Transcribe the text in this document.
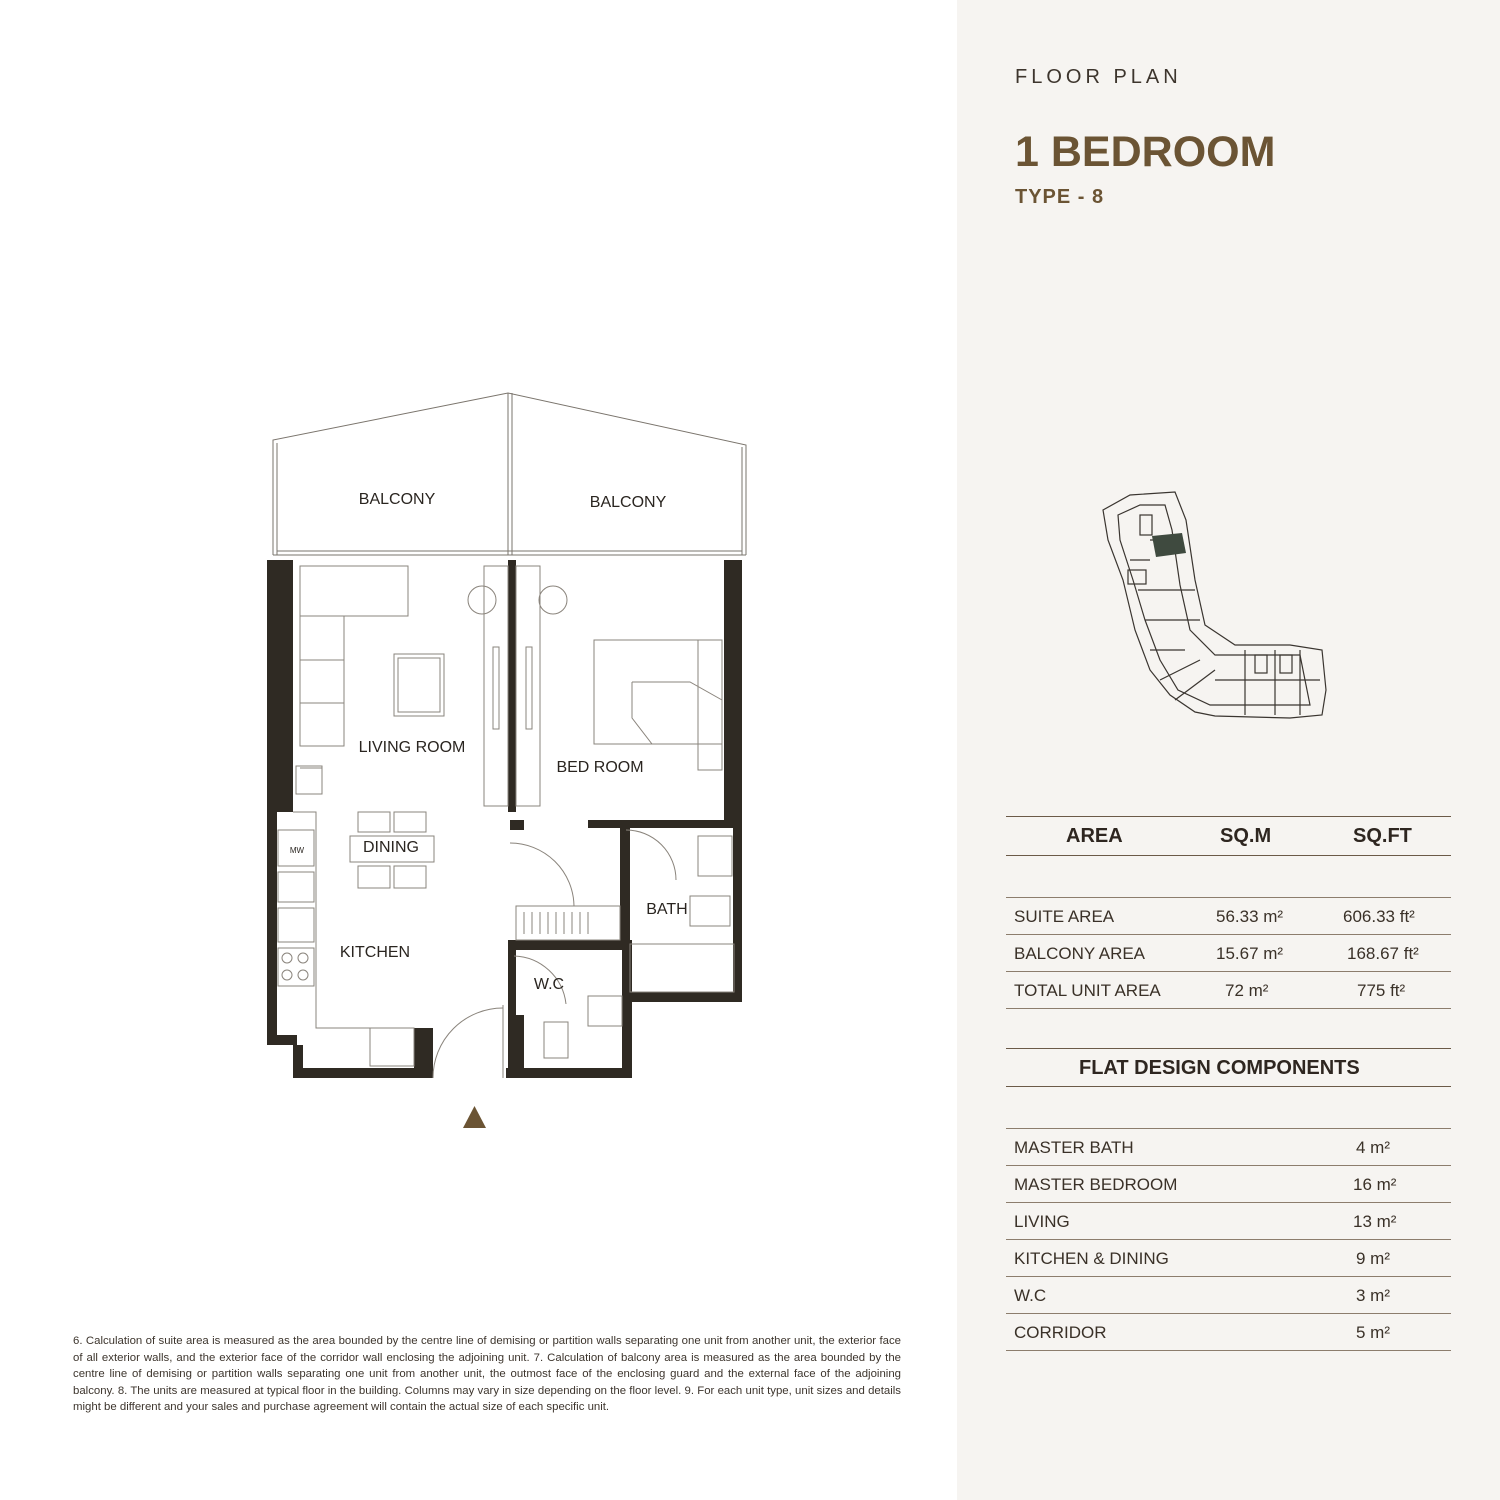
FLOOR PLAN
1 BEDROOM
TYPE - 8
BALCONY	BALCONY
LIVING ROOM
BED ROOM
DINING
KITCHEN
BATH
W.C
MW
AREA	SQ.M	SQ.FT
SUITE AREA	56.33 m²	606.33 ft²
BALCONY AREA	15.67 m²	168.67 ft²
TOTAL UNIT AREA	72 m²	775 ft²
FLAT DESIGN COMPONENTS
MASTER BATH	4 m²
MASTER BEDROOM	16 m²
LIVING	13 m²
KITCHEN & DINING	9 m²
W.C	3 m²
CORRIDOR	5 m²
6. Calculation of suite area is measured as the area bounded by the centre line of demising or partition walls separating one unit from another unit, the exterior face of all exterior walls, and the exterior face of the corridor wall enclosing the adjoining unit. 7. Calculation of balcony area is measured as the area bounded by the centre line of demising or partition walls separating one unit from another unit, the outmost face of the enclosing guard and the external face of the adjoining balcony. 8. The units are measured at typical floor in the building. Columns may vary in size depending on the floor level. 9. For each unit type, unit sizes and details might be different and your sales and purchase agreement will contain the actual size of each specific unit.
